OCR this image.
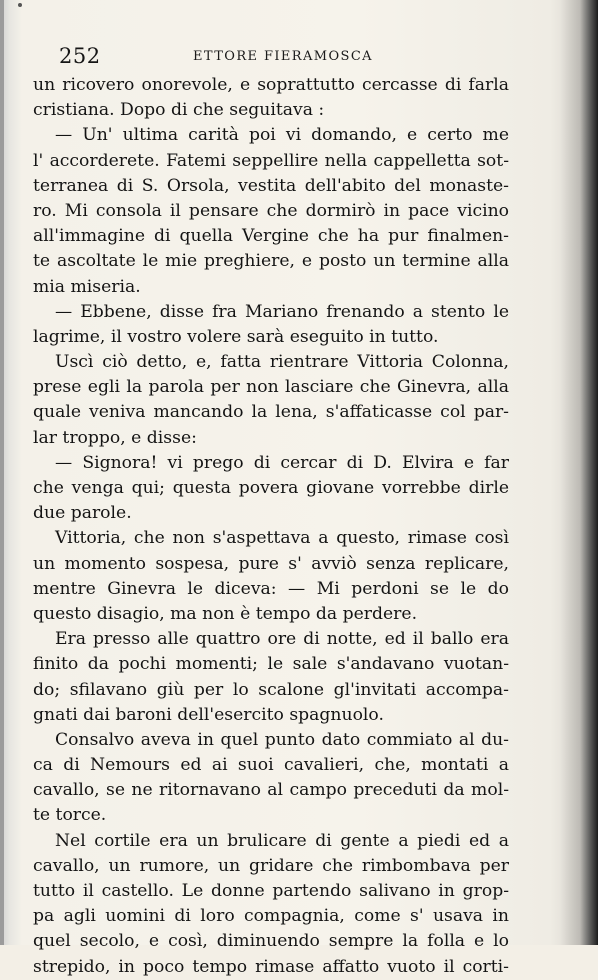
252	ETTORE FIERAMOSCA
un ricovero onorevole, e soprattutto cercasse di farla
cristiana. Dopo di che seguitava :
— Un' ultima carità poi vi domando, e certo me
l' accorderete. Fatemi seppellire nella cappelletta sot-
terranea di S. Orsola, vestita dell'abito del monaste-
ro. Mi consola il pensare che dormirò in pace vicino
all'immagine di quella Vergine che ha pur finalmen-
te ascoltate le mie preghiere, e posto un termine alla
mia miseria.
— Ebbene, disse fra Mariano frenando a stento le
lagrime, il vostro volere sarà eseguito in tutto.
Uscì ciò detto, e, fatta rientrare Vittoria Colonna,
prese egli la parola per non lasciare che Ginevra, alla
quale veniva mancando la lena, s'affaticasse col par-
lar troppo, e disse:
— Signora! vi prego di cercar di D. Elvira e far
che venga qui; questa povera giovane vorrebbe dirle
due parole.
Vittoria, che non s'aspettava a questo, rimase così
un momento sospesa, pure s' avviò senza replicare,
mentre Ginevra le diceva: — Mi perdoni se le do
questo disagio, ma non è tempo da perdere.
Era presso alle quattro ore di notte, ed il ballo era
finito da pochi momenti; le sale s'andavano vuotan-
do; sfilavano giù per lo scalone gl'invitati accompa-
gnati dai baroni dell'esercito spagnuolo.
Consalvo aveva in quel punto dato commiato al du-
ca di Nemours ed ai suoi cavalieri, che, montati a
cavallo, se ne ritornavano al campo preceduti da mol-
te torce.
Nel cortile era un brulicare di gente a piedi ed a
cavallo, un rumore, un gridare che rimbombava per
tutto il castello. Le donne partendo salivano in grop-
pa agli uomini di loro compagnia, come s' usava in
quel secolo, e così, diminuendo sempre la folla e lo
strepido, in poco tempo rimase affatto vuoto il corti-
